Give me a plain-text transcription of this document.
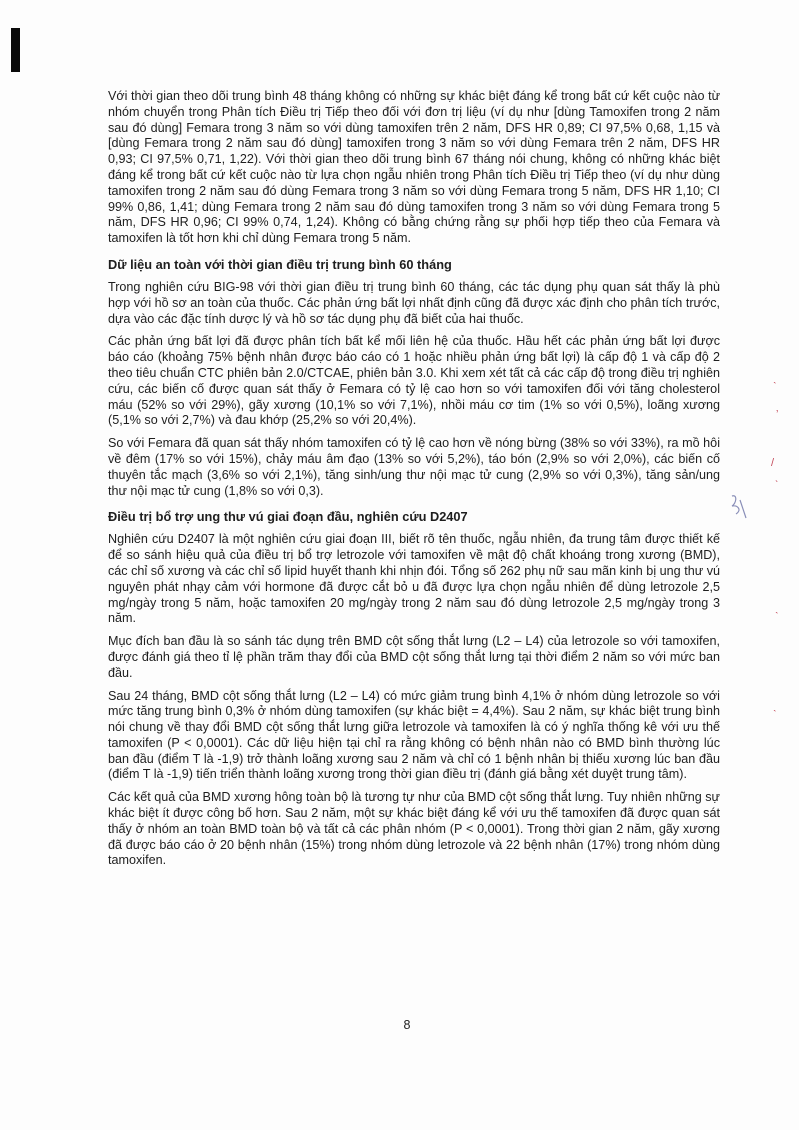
Với thời gian theo dõi trung bình 48 tháng không có những sự khác biệt đáng kể trong bất cứ kết cuộc nào từ nhóm chuyển trong Phân tích Điều trị Tiếp theo đối với đơn trị liệu (ví dụ như [dùng Tamoxifen trong 2 năm sau đó dùng] Femara trong 3 năm so với dùng tamoxifen trên 2 năm, DFS HR 0,89; CI 97,5% 0,68, 1,15 và [dùng Femara trong 2 năm sau đó dùng] tamoxifen trong 3 năm so với dùng Femara trên 2 năm, DFS HR 0,93; CI 97,5% 0,71, 1,22). Với thời gian theo dõi trung bình 67 tháng nói chung, không có những khác biệt đáng kể trong bất cứ kết cuộc nào từ lựa chọn ngẫu nhiên trong Phân tích Điều trị Tiếp theo (ví dụ như dùng tamoxifen trong 2 năm sau đó dùng Femara trong 3 năm so với dùng Femara trong 5 năm, DFS HR 1,10; CI 99% 0,86, 1,41; dùng Femara trong 2 năm sau đó dùng tamoxifen trong 3 năm so với dùng Femara trong 5 năm, DFS HR 0,96; CI 99% 0,74, 1,24). Không có bằng chứng rằng sự phối hợp tiếp theo của Femara và tamoxifen là tốt hơn khi chỉ dùng Femara trong 5 năm.

Dữ liệu an toàn với thời gian điều trị trung bình 60 tháng

Trong nghiên cứu BIG-98 với thời gian điều trị trung bình 60 tháng, các tác dụng phụ quan sát thấy là phù hợp với hồ sơ an toàn của thuốc. Các phản ứng bất lợi nhất định cũng đã được xác định cho phân tích trước, dựa vào các đặc tính dược lý và hồ sơ tác dụng phụ đã biết của hai thuốc.

Các phản ứng bất lợi đã được phân tích bất kể mối liên hệ của thuốc. Hầu hết các phản ứng bất lợi được báo cáo (khoảng 75% bệnh nhân được báo cáo có 1 hoặc nhiều phản ứng bất lợi) là cấp độ 1 và cấp độ 2 theo tiêu chuẩn CTC phiên bản 2.0/CTCAE, phiên bản 3.0. Khi xem xét tất cả các cấp độ trong điều trị nghiên cứu, các biến cố được quan sát thấy ở Femara có tỷ lệ cao hơn so với tamoxifen đối với tăng cholesterol máu (52% so với 29%), gãy xương (10,1% so với 7,1%), nhồi máu cơ tim (1% so với 0,5%), loãng xương (5,1% so với 2,7%) và đau khớp (25,2% so với 20,4%).

So với Femara đã quan sát thấy nhóm tamoxifen có tỷ lệ cao hơn về nóng bừng (38% so với 33%), ra mồ hôi về đêm (17% so với 15%), chảy máu âm đạo (13% so với 5,2%), táo bón (2,9% so với 2,0%), các biến cố thuyên tắc mạch (3,6% so với 2,1%), tăng sinh/ung thư nội mạc tử cung (2,9% so với 0,3%), tăng sản/ung thư nội mạc tử cung (1,8% so với 0,3).

Điều trị bổ trợ ung thư vú giai đoạn đầu, nghiên cứu D2407

Nghiên cứu D2407 là một nghiên cứu giai đoạn III, biết rõ tên thuốc, ngẫu nhiên, đa trung tâm được thiết kế để so sánh hiệu quả của điều trị bổ trợ letrozole với tamoxifen về mật độ chất khoáng trong xương (BMD), các chỉ số xương và các chỉ số lipid huyết thanh khi nhịn đói. Tổng số 262 phụ nữ sau mãn kinh bị ung thư vú nguyên phát nhạy cảm với hormone đã được cắt bỏ u đã được lựa chọn ngẫu nhiên để dùng letrozole 2,5 mg/ngày trong 5 năm, hoặc tamoxifen 20 mg/ngày trong 2 năm sau đó dùng letrozole 2,5 mg/ngày trong 3 năm.

Mục đích ban đầu là so sánh tác dụng trên BMD cột sống thắt lưng (L2 – L4) của letrozole so với tamoxifen, được đánh giá theo tỉ lệ phần trăm thay đổi của BMD cột sống thắt lưng tại thời điểm 2 năm so với mức ban đầu.

Sau 24 tháng, BMD cột sống thắt lưng (L2 – L4) có mức giảm trung bình 4,1% ở nhóm dùng letrozole so với mức tăng trung bình 0,3% ở nhóm dùng tamoxifen (sự khác biệt = 4,4%). Sau 2 năm, sự khác biệt trung bình nói chung về thay đổi BMD cột sống thắt lưng giữa letrozole và tamoxifen là có ý nghĩa thống kê với ưu thế tamoxifen (P < 0,0001). Các dữ liệu hiện tại chỉ ra rằng không có bệnh nhân nào có BMD bình thường lúc ban đầu (điểm T là -1,9) trở thành loãng xương sau 2 năm và chỉ có 1 bệnh nhân bị thiếu xương lúc ban đầu (điểm T là -1,9) tiến triển thành loãng xương trong thời gian điều trị (đánh giá bằng xét duyệt trung tâm).

Các kết quả của BMD xương hông toàn bộ là tương tự như của BMD cột sống thắt lưng. Tuy nhiên những sự khác biệt ít được công bố hơn. Sau 2 năm, một sự khác biệt đáng kể với ưu thế tamoxifen đã được quan sát thấy ở nhóm an toàn BMD toàn bộ và tất cả các phân nhóm (P < 0,0001). Trong thời gian 2 năm, gãy xương đã được báo cáo ở 20 bệnh nhân (15%) trong nhóm dùng letrozole và 22 bệnh nhân (17%) trong nhóm dùng tamoxifen.

8
ˋ
ʼ
/
ˎ
ˋ
ˋ
